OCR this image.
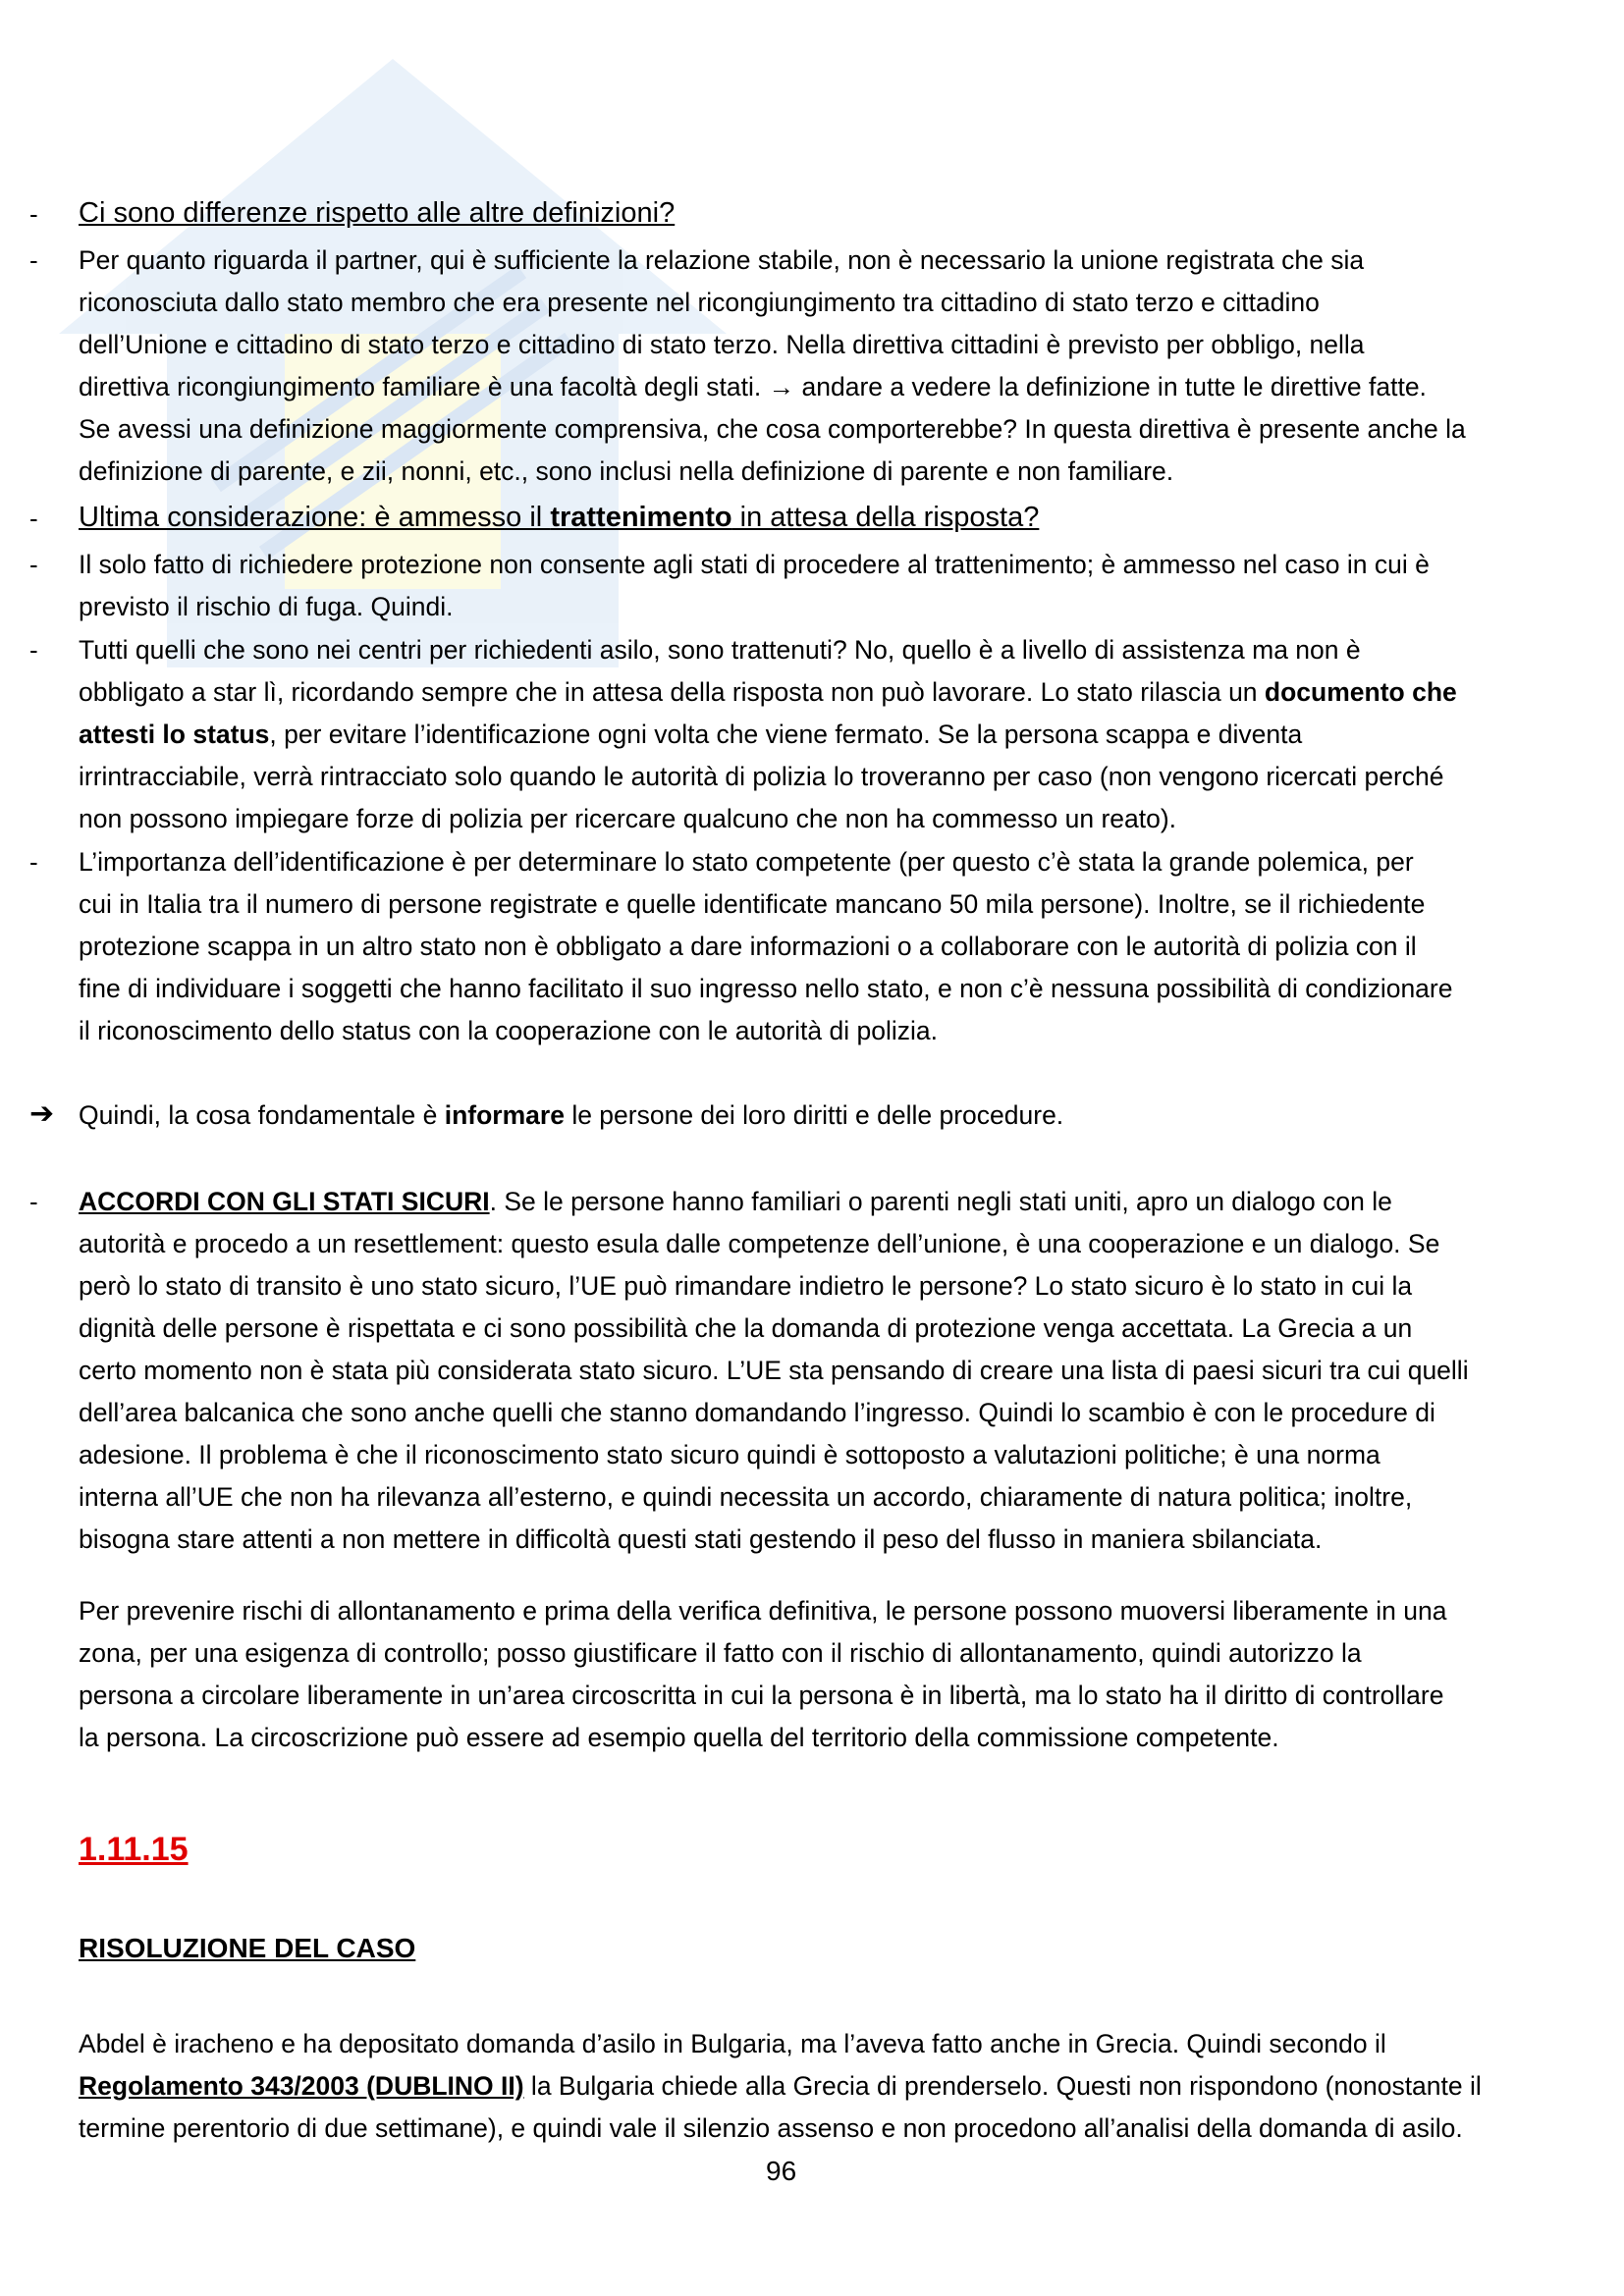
- Ci sono differenze rispetto alle altre definizioni?
- Per quanto riguarda il partner, qui è sufficiente la relazione stabile, non è necessario la unione registrata che sia
riconosciuta dallo stato membro che era presente nel ricongiungimento tra cittadino di stato terzo e cittadino
dell’Unione e cittadino di stato terzo e cittadino di stato terzo. Nella direttiva cittadini è previsto per obbligo, nella
direttiva ricongiungimento familiare è una facoltà degli stati. → andare a vedere la definizione in tutte le direttive fatte.
Se avessi una definizione maggiormente comprensiva, che cosa comporterebbe? In questa direttiva è presente anche la
definizione di parente, e zii, nonni, etc., sono inclusi nella definizione di parente e non familiare.
- Ultima considerazione: è ammesso il trattenimento in attesa della risposta?
- Il solo fatto di richiedere protezione non consente agli stati di procedere al trattenimento; è ammesso nel caso in cui è
previsto il rischio di fuga. Quindi.
- Tutti quelli che sono nei centri per richiedenti asilo, sono trattenuti? No, quello è a livello di assistenza ma non è
obbligato a star lì, ricordando sempre che in attesa della risposta non può lavorare. Lo stato rilascia un documento che
attesti lo status, per evitare l’identificazione ogni volta che viene fermato. Se la persona scappa e diventa
irrintracciabile, verrà rintracciato solo quando le autorità di polizia lo troveranno per caso (non vengono ricercati perché
non possono impiegare forze di polizia per ricercare qualcuno che non ha commesso un reato).
- L’importanza dell’identificazione è per determinare lo stato competente (per questo c’è stata la grande polemica, per
cui in Italia tra il numero di persone registrate e quelle identificate mancano 50 mila persone). Inoltre, se il richiedente
protezione scappa in un altro stato non è obbligato a dare informazioni o a collaborare con le autorità di polizia con il
fine di individuare i soggetti che hanno facilitato il suo ingresso nello stato, e non c’è nessuna possibilità di condizionare
il riconoscimento dello status con la cooperazione con le autorità di polizia.
➔ Quindi, la cosa fondamentale è informare le persone dei loro diritti e delle procedure.
- ACCORDI CON GLI STATI SICURI. Se le persone hanno familiari o parenti negli stati uniti, apro un dialogo con le
autorità e procedo a un resettlement: questo esula dalle competenze dell’unione, è una cooperazione e un dialogo. Se
però lo stato di transito è uno stato sicuro, l’UE può rimandare indietro le persone? Lo stato sicuro è lo stato in cui la
dignità delle persone è rispettata e ci sono possibilità che la domanda di protezione venga accettata. La Grecia a un
certo momento non è stata più considerata stato sicuro. L’UE sta pensando di creare una lista di paesi sicuri tra cui quelli
dell’area balcanica che sono anche quelli che stanno domandando l’ingresso. Quindi lo scambio è con le procedure di
adesione. Il problema è che il riconoscimento stato sicuro quindi è sottoposto a valutazioni politiche; è una norma
interna all’UE che non ha rilevanza all’esterno, e quindi necessita un accordo, chiaramente di natura politica; inoltre,
bisogna stare attenti a non mettere in difficoltà questi stati gestendo il peso del flusso in maniera sbilanciata.
Per prevenire rischi di allontanamento e prima della verifica definitiva, le persone possono muoversi liberamente in una
zona, per una esigenza di controllo; posso giustificare il fatto con il rischio di allontanamento, quindi autorizzo la
persona a circolare liberamente in un’area circoscritta in cui la persona è in libertà, ma lo stato ha il diritto di controllare
la persona. La circoscrizione può essere ad esempio quella del territorio della commissione competente.
1.11.15
RISOLUZIONE DEL CASO
Abdel è iracheno e ha depositato domanda d’asilo in Bulgaria, ma l’aveva fatto anche in Grecia. Quindi secondo il
Regolamento 343/2003 (DUBLINO II) la Bulgaria chiede alla Grecia di prenderselo. Questi non rispondono (nonostante il
termine perentorio di due settimane), e quindi vale il silenzio assenso e non procedono all’analisi della domanda di asilo.
96
